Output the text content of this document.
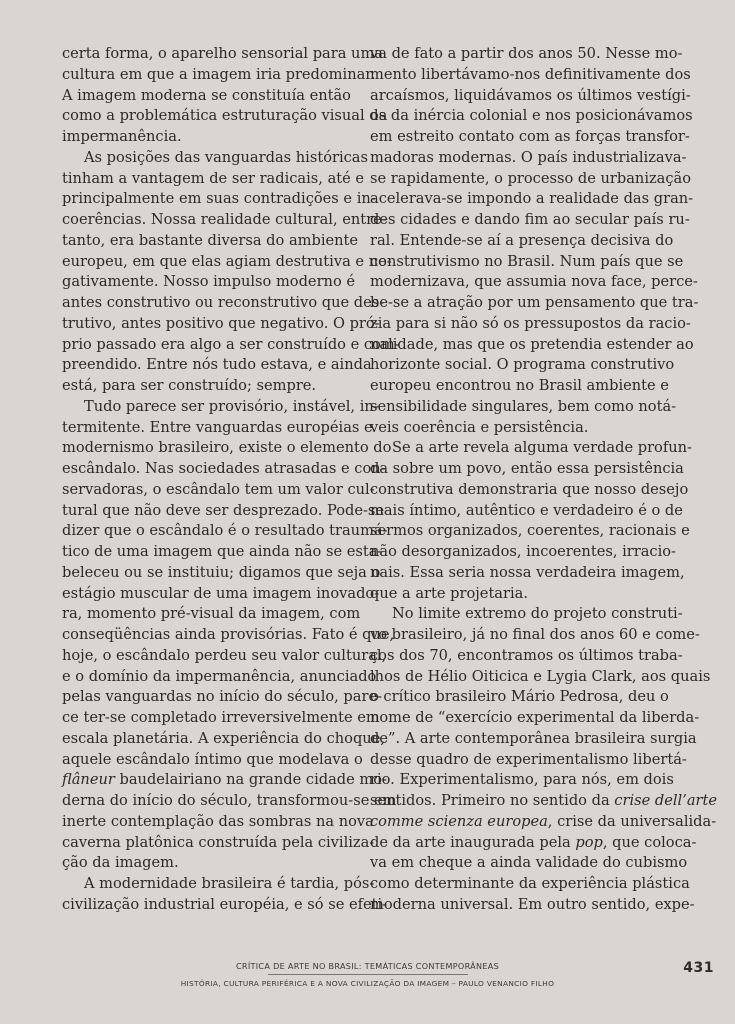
certa forma, o aparelho sensorial para uma
cultura em que a imagem iria predominar.
A imagem moderna se constituía então
como a problemática estruturação visual da
impermanência.
As posições das vanguardas históricas
tinham a vantagem de ser radicais, até e
principalmente em suas contradições e in-
coerências. Nossa realidade cultural, entre-
tanto, era bastante diversa do ambiente
europeu, em que elas agiam destrutiva e ne-
gativamente. Nosso impulso moderno é
antes construtivo ou reconstrutivo que des-
trutivo, antes positivo que negativo. O pró-
prio passado era algo a ser construído e com-
preendido. Entre nós tudo estava, e ainda
está, para ser construído; sempre.
Tudo parece ser provisório, instável, in-
termitente. Entre vanguardas européias e
modernismo brasileiro, existe o elemento do
escândalo. Nas sociedades atrasadas e con-
servadoras, o escândalo tem um valor cul-
tural que não deve ser desprezado. Pode-se
dizer que o escândalo é o resultado traumá-
tico de uma imagem que ainda não se esta-
beleceu ou se instituiu; digamos que seja o
estágio muscular de uma imagem inovado-
ra, momento pré-visual da imagem, com
conseqüências ainda provisórias. Fato é que,
hoje, o escândalo perdeu seu valor cultural,
e o domínio da impermanência, anunciado
pelas vanguardas no início do século, pare-
ce ter-se completado irreversivelmente em
escala planetária. A experiência do choque,
aquele escândalo íntimo que modelava o
flâneur baudelairiano na grande cidade mo-
derna do início do século, transformou-se em
inerte contemplação das sombras na nova
caverna platônica construída pela civiliza-
ção da imagem.
A modernidade brasileira é tardia, pós-
civilização industrial européia, e só se efeti-
va de fato a partir dos anos 50. Nesse mo-
mento libertávamo-nos definitivamente dos
arcaísmos, liquidávamos os últimos vestígi-
os da inércia colonial e nos posicionávamos
em estreito contato com as forças transfor-
madoras modernas. O país industrializava-
se rapidamente, o processo de urbanização
acelerava-se impondo a realidade das gran-
des cidades e dando fim ao secular país ru-
ral. Entende-se aí a presença decisiva do
construtivismo no Brasil. Num país que se
modernizava, que assumia nova face, perce-
be-se a atração por um pensamento que tra-
zia para si não só os pressupostos da racio-
nalidade, mas que os pretendia estender ao
horizonte social. O programa construtivo
europeu encontrou no Brasil ambiente e
sensibilidade singulares, bem como notá-
veis coerência e persistência.
Se a arte revela alguma verdade profun-
da sobre um povo, então essa persistência
construtiva demonstraria que nosso desejo
mais íntimo, autêntico e verdadeiro é o de
sermos organizados, coerentes, racionais e
não desorganizados, incoerentes, irracio-
nais. Essa seria nossa verdadeira imagem,
que a arte projetaria.
No limite extremo do projeto construti-
vo brasileiro, já no final dos anos 60 e come-
ços dos 70, encontramos os últimos traba-
lhos de Hélio Oiticica e Lygia Clark, aos quais
o crítico brasileiro Mário Pedrosa, deu o
nome de “exercício experimental da liberda-
de”. A arte contemporânea brasileira surgia
desse quadro de experimentalismo libertá-
rio. Experimentalismo, para nós, em dois
sentidos. Primeiro no sentido da crise dell’arte
comme scienza europea, crise da universalida-
de da arte inaugurada pela pop, que coloca-
va em cheque a ainda validade do cubismo
como determinante da experiência plástica
moderna universal. Em outro sentido, expe-
CRÍTICA DE ARTE NO BRASIL: TEMÁTICAS CONTEMPORÂNEAS
HISTÓRIA, CULTURA PERIFÉRICA E A NOVA CIVILIZAÇÃO DA IMAGEM – PAULO VENANCIO FILHO
431
